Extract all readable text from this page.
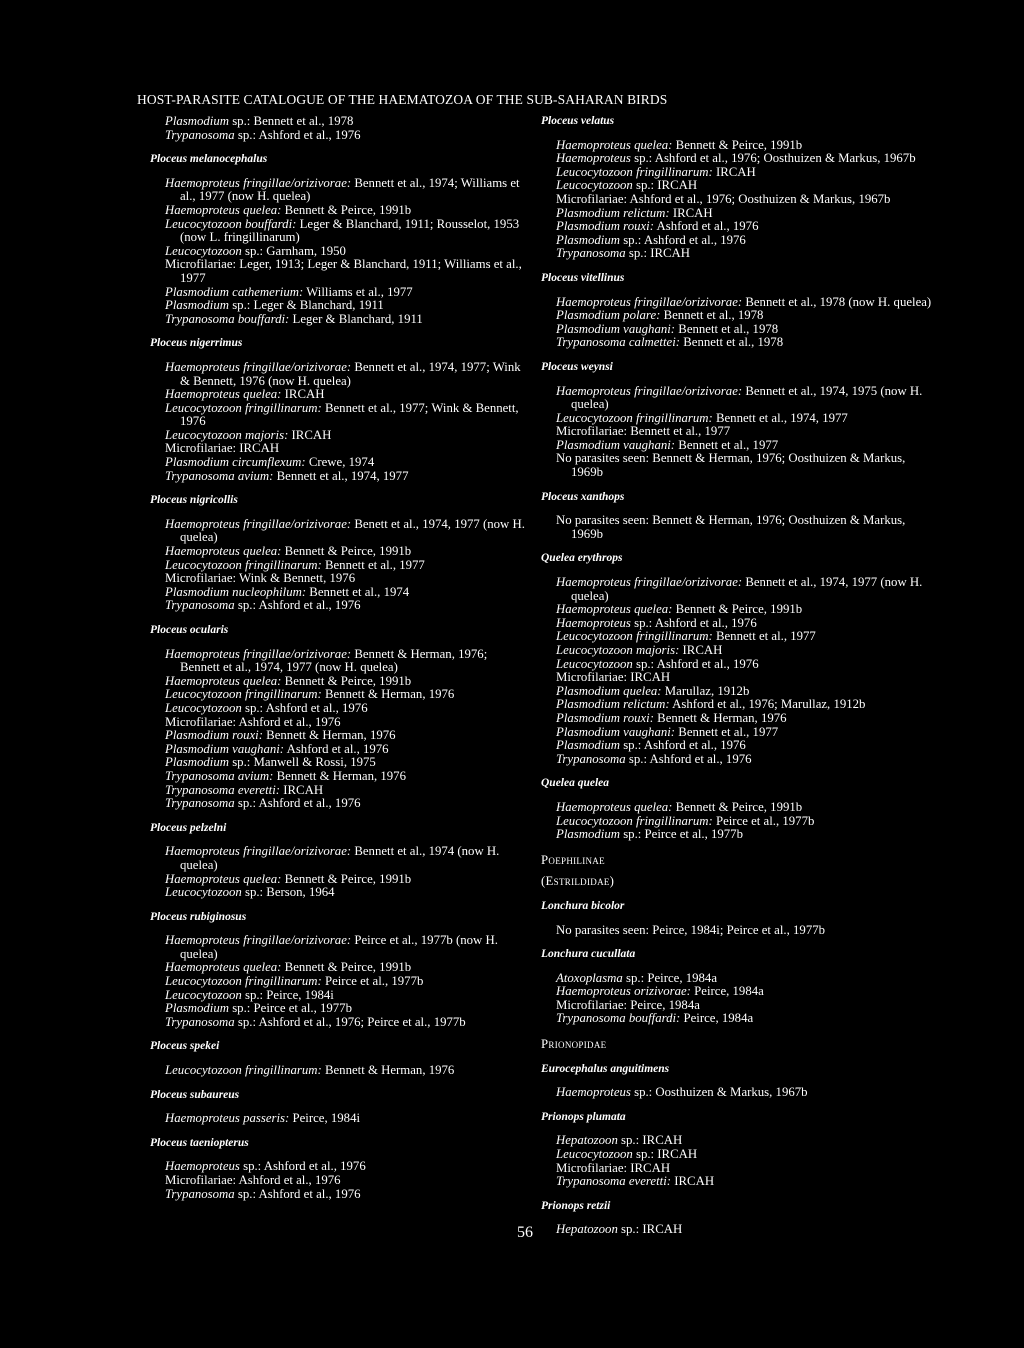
HOST-PARASITE CATALOGUE OF THE HAEMATOZOA OF THE SUB-SAHARAN BIRDS
Plasmodium sp.: Bennett et al., 1978
Trypanosoma sp.: Ashford et al., 1976
Ploceus melanocephalus
Haemoproteus fringillae/orizivorae: Bennett et al., 1974; Williams et al., 1977 (now H. quelea)
Haemoproteus quelea: Bennett & Peirce, 1991b
Leucocytozoon bouffardi: Leger & Blanchard, 1911; Rousselot, 1953 (now L. fringillinarum)
Leucocytozoon sp.: Garnham, 1950
Microfilariae: Leger, 1913; Leger & Blanchard, 1911; Williams et al., 1977
Plasmodium cathemerium: Williams et al., 1977
Plasmodium sp.: Leger & Blanchard, 1911
Trypanosoma bouffardi: Leger & Blanchard, 1911
Ploceus nigerrimus
Haemoproteus fringillae/orizivorae: Bennett et al., 1974, 1977; Wink & Bennett, 1976 (now H. quelea)
Haemoproteus quelea: IRCAH
Leucocytozoon fringillinarum: Bennett et al., 1977; Wink & Bennett, 1976
Leucocytozoon majoris: IRCAH
Microfilariae: IRCAH
Plasmodium circumflexum: Crewe, 1974
Trypanosoma avium: Bennett et al., 1974, 1977
Ploceus nigricollis
Haemoproteus fringillae/orizivorae: Benett et al., 1974, 1977 (now H. quelea)
Haemoproteus quelea: Bennett & Peirce, 1991b
Leucocytozoon fringillinarum: Bennett et al., 1977
Microfilariae: Wink & Bennett, 1976
Plasmodium nucleophilum: Bennett et al., 1974
Trypanosoma sp.: Ashford et al., 1976
Ploceus ocularis
Haemoproteus fringillae/orizivorae: Bennett & Herman, 1976; Bennett et al., 1974, 1977 (now H. quelea)
Haemoproteus quelea: Bennett & Peirce, 1991b
Leucocytozoon fringillinarum: Bennett & Herman, 1976
Leucocytozoon sp.: Ashford et al., 1976
Microfilariae: Ashford et al., 1976
Plasmodium rouxi: Bennett & Herman, 1976
Plasmodium vaughani: Ashford et al., 1976
Plasmodium sp.: Manwell & Rossi, 1975
Trypanosoma avium: Bennett & Herman, 1976
Trypanosoma everetti: IRCAH
Trypanosoma sp.: Ashford et al., 1976
Ploceus pelzelni
Haemoproteus fringillae/orizivorae: Bennett et al., 1974 (now H. quelea)
Haemoproteus quelea: Bennett & Peirce, 1991b
Leucocytozoon sp.: Berson, 1964
Ploceus rubiginosus
Haemoproteus fringillae/orizivorae: Peirce et al., 1977b (now H. quelea)
Haemoproteus quelea: Bennett & Peirce, 1991b
Leucocytozoon fringillinarum: Peirce et al., 1977b
Leucocytozoon sp.: Peirce, 1984i
Plasmodium sp.: Peirce et al., 1977b
Trypanosoma sp.: Ashford et al., 1976; Peirce et al., 1977b
Ploceus spekei
Leucocytozoon fringillinarum: Bennett & Herman, 1976
Ploceus subaureus
Haemoproteus passeris: Peirce, 1984i
Ploceus taeniopterus
Haemoproteus sp.: Ashford et al., 1976
Microfilariae: Ashford et al., 1976
Trypanosoma sp.: Ashford et al., 1976
Ploceus velatus
Haemoproteus quelea: Bennett & Peirce, 1991b
Haemoproteus sp.: Ashford et al., 1976; Oosthuizen & Markus, 1967b
Leucocytozoon fringillinarum: IRCAH
Leucocytozoon sp.: IRCAH
Microfilariae: Ashford et al., 1976; Oosthuizen & Markus, 1967b
Plasmodium relictum: IRCAH
Plasmodium rouxi: Ashford et al., 1976
Plasmodium sp.: Ashford et al., 1976
Trypanosoma sp.: IRCAH
Ploceus vitellinus
Haemoproteus fringillae/orizivorae: Bennett et al., 1978 (now H. quelea)
Plasmodium polare: Bennett et al., 1978
Plasmodium vaughani: Bennett et al., 1978
Trypanosoma calmettei: Bennett et al., 1978
Ploceus weynsi
Haemoproteus fringillae/orizivorae: Bennett et al., 1974, 1975 (now H. quelea)
Leucocytozoon fringillinarum: Bennett et al., 1974, 1977
Microfilariae: Bennett et al., 1977
Plasmodium vaughani: Bennett et al., 1977
No parasites seen: Bennett & Herman, 1976; Oosthuizen & Markus, 1969b
Ploceus xanthops
No parasites seen: Bennett & Herman, 1976; Oosthuizen & Markus, 1969b
Quelea erythrops
Haemoproteus fringillae/orizivorae: Bennett et al., 1974, 1977 (now H. quelea)
Haemoproteus quelea: Bennett & Peirce, 1991b
Haemoproteus sp.: Ashford et al., 1976
Leucocytozoon fringillinarum: Bennett et al., 1977
Leucocytozoon majoris: IRCAH
Leucocytozoon sp.: Ashford et al., 1976
Microfilariae: IRCAH
Plasmodium quelea: Marullaz, 1912b
Plasmodium relictum: Ashford et al., 1976; Marullaz, 1912b
Plasmodium rouxi: Bennett & Herman, 1976
Plasmodium vaughani: Bennett et al., 1977
Plasmodium sp.: Ashford et al., 1976
Trypanosoma sp.: Ashford et al., 1976
Quelea quelea
Haemoproteus quelea: Bennett & Peirce, 1991b
Leucocytozoon fringillinarum: Peirce et al., 1977b
Plasmodium sp.: Peirce et al., 1977b
Poephilinae
(Estrildidae)
Lonchura bicolor
No parasites seen: Peirce, 1984i; Peirce et al., 1977b
Lonchura cucullata
Atoxoplasma sp.: Peirce, 1984a
Haemoproteus orizivorae: Peirce, 1984a
Microfilariae: Peirce, 1984a
Trypanosoma bouffardi: Peirce, 1984a
Prionopidae
Eurocephalus anguitimens
Haemoproteus sp.: Oosthuizen & Markus, 1967b
Prionops plumata
Hepatozoon sp.: IRCAH
Leucocytozoon sp.: IRCAH
Microfilariae: IRCAH
Trypanosoma everetti: IRCAH
Prionops retzii
Hepatozoon sp.: IRCAH
56
